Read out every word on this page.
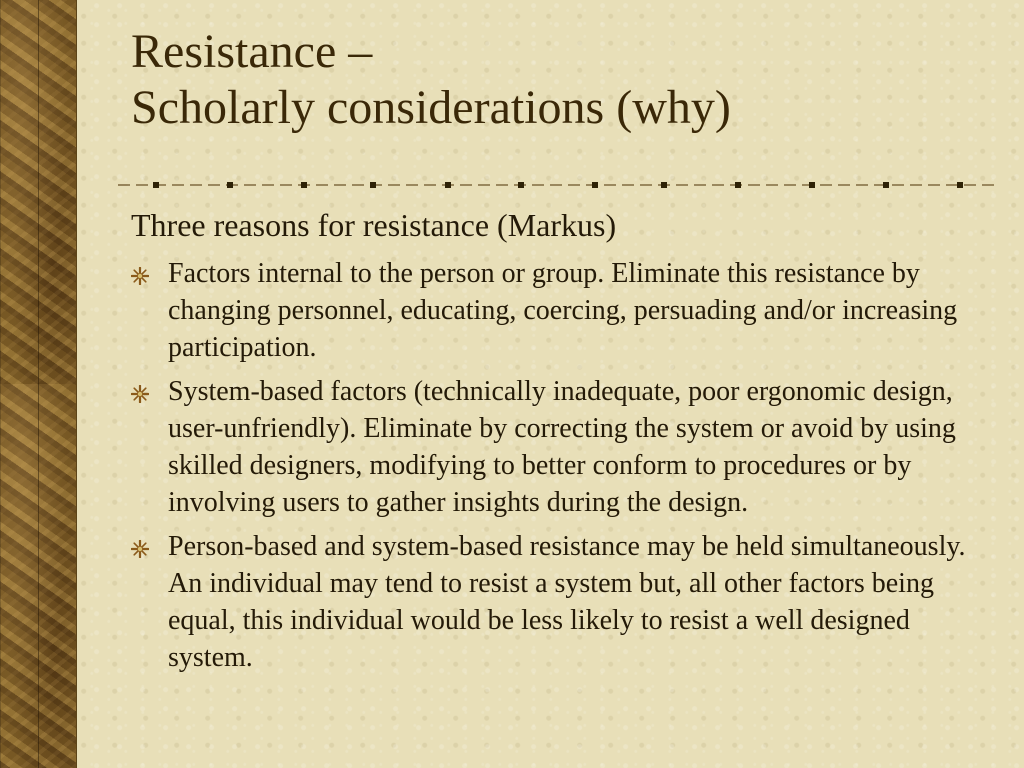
Resistance –
Scholarly considerations (why)

Three reasons for resistance (Markus)

Factors internal to the person or group. Eliminate this resistance by changing personnel, educating, coercing, persuading and/or increasing participation.
System-based factors (technically inadequate, poor ergonomic design, user-unfriendly). Eliminate by correcting the system or avoid by using skilled designers, modifying to better conform to procedures or by involving users to gather insights during the design.
Person-based and system-based resistance may be held simultaneously. An individual may tend to resist a system but, all other factors being equal, this individual would be less likely to resist a well designed system.
